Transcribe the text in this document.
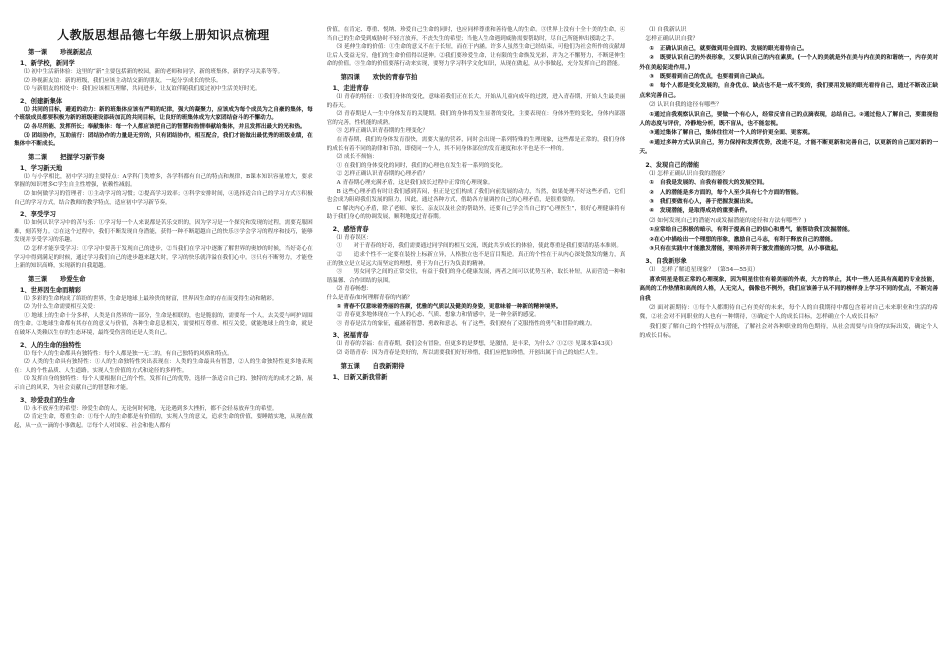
人教版思想品德七年级上册知识点梳理
第一课　　珍视新起点
1、新学校，新同学

⑴ 初中生活新体验：这里的“新”主要包括新的校园，新的老师和同学，新的班集体，新的学习关系等等。

⑵ 珍视新友谊：新的班级，我们应该主动结交新的朋友，一起分享成长的快乐。

⑶ 与新朋友的相处中：我们应该相互理解，共同进步，让友谊伴随我们度过初中生活美好时光。

2、创建新集体

⑴ 共同的目标，避逅的动力：新的班集体应该有严明的纪律，强大的凝聚力，应该成为每个成员为之自豪的集体，每个班级成员都要积极为新的班级建设添砖加瓦的共同目标，让良好的班集体成为大家团结奋斗的不懈动力。

⑵ 各尽所能、发挥所长；奉献集体：每一个人都应该把自己的智慧和热情奉献给集体，并且发挥出最大的光和热。

⑶ 团结协作，互助前行：团结协作的力量是无穷的，只有团结协作，相互配合，我们才能做出最优秀的班级业绩，在集体中不断成长。

第二课　　把握学习新节奏
1、学习新天地

⑴ 与小学相比，初中学习的主要特点：A学科门类增多，各学科都有自己的特点和规律，B课本知识容量增大，要求掌握的知识增多C学生自主性增强，依赖性减弱。

⑵ 如何做学习的管理者：①主动学习的习惯；②提高学习效率；③科学安排时间，④选择适合自己的学习方式⑤积极自己的学习方式，结合教师的教学特点，适应初中学习新节奏。

2、享受学习

⑴ 如何认识学习中的苦与乐：①学习每一个人来说都是苦乐交织的，因为学习是一个探究和发现的过程，需要克服困难，刻苦努力。②在这个过程中，我们不断发现自身潜能，获得一种不断超越自己的快乐③学会学习的程序和技巧，能够发现并享受学习的乐趣。

⑵ 怎样才能享受学习：①学习中要善于发现自己的进步，②当我们在学习中逐渐了解世界的奥妙的时候，当好奇心在学习中得到满足的时候，通过学习我们自己的进步越来越大时，学习的快乐就洋溢在我们心中。③只有不断努力，才能登上新的知识高峰，实现新的自我超越。

第三课　　珍爱生命
1、世界因生命而精彩

⑴ 多彩的生命构成了缤纷的世界，生命是地球上最珍贵的财富，世界因生命的存在而变得生动和精彩。

⑵ 为什么生命需要相互关爱：

① 地球上的生命十分多样，人类是自然界的一部分，生命是相联的，也是脆弱的，需要每一个人，去关爱与呵护周围的生命。②地球生命都有其存在的意义与价值，各种生命息息相关，需要相互尊重、相互关爱，就能地球上的生命，就是在破坏人类赖以生存的生态环境，最终受伤害的还是人类自己。

2、人的生命的独特性

⑴ 每个人的生命都具有独特性：每个人都是独一无二的，有自己独特的风格和特点。

⑵ 人类的生命具有独特性：①人的生命独特性突出表现在：人类的生命最具有智慧，②人的生命独特性更多地表现在：人的个性品质、人生道路。实现人生价值的方式和途径的多样性。

⑶ 发挥自身的独特性：每个人要根据自己的个性，发挥自己的优势，选择一条适合自己的、独特的光的成才之路，展示自己的风采，为社会贡献自己的智慧和才能。

3、珍爱我们的生命

⑴ 永不放弃生的希望：珍爱生命的人，无论何时何地，无论遇到多大挫折，都不会轻易放弃生的希望。

⑵ 肯定生命，尊重生命：①每个人的生命都是有价值的，实现人生的意义，追求生命的价值，要睡踏实地，从现在做起，从一点一滴的小事做起。②每个人对国家、社会和他人都有

价值，在肯定、尊重、悦纳、珍爱自己生命的同时，也应同样尊重和善待他人的生命。③世界上没有十全十美的生命，④当自己的生命受到威胁时不轻言放弃，不丧失生的希望；当他人生命遇到威胁需要帮助时，尽自己所能伸出援助之手。

⑶ 延伸生命的价值：①生命的意义不在于长短，而在于内涵。许多人虽然生命已经结束，可他们为社会所作的贡献却让后人受益无穷，他们的生命价值得以延伸。②我们要珍爱生命，让有限的生命焕发光彩，并为之不懈努力，不断延伸生命的价值。③生命的价值要落行动来实现，要努力学习科学文化知识，从现在做起，从小事做起，充分发挥自己的潜能。

第四课　　欢快的青春节拍
1、走进青春

⑴ 青春的特征：①我们身体的变化，意味着我们正在长大，开始从儿童向成年的过渡，进入青春期，开始人生最美丽的春天。

⑵ 青春期是人一生中身体发育的关键期。我们的身体将发生显著的变化，主要表现在：身体外型的变化，身体内部器官的完善，性机能的成熟。

③ 怎样正确认识青春期的生理变化？

在青春期，我们的身体发育很快，需要大量的营养，同时会出现一系列特殊的生理现象，这些都是正常的，我们身体的成长有着不同的韵律和节拍，即使同一个人，其不同身体部位的发育速度和水平也是不一样的。

⑵ 成长不烦恼：

① 在我们的身体变化的同时，我们的心理也在发生着一系列的变化。

② 怎样正确认识青春期的心理矛盾？

A 青春期心理充满矛盾，这是我们成长过程中正常的心理现象。

B 这些心理矛盾有时让我们感到苦闷，但正是它们构成了我们向前发展的动力，当然，如果处理不好这些矛盾，它们也会成为阻碍我们发展的阻力，因此，通过各种方式，借助各方量调控自己的心理矛盾，是很重要的。

C 解决内心矛盾，除了老师、家长、亲友以及社会的帮助外，还要自己学会当自己的“心理医生”，很好心理健康将有助于我们身心的协调发展，顺利地度过青春期。

2、感悟青春

⑴ 青春误区：

①　　对于青春的好奇，我们需要通过同学间的相互交流，既此共享成长的体验，使此尊重是我们要请的基本准则。

②　　追求个性不一定要在装扮上标新立异，人格独立也不是盲目叛逆。真正的个性在于从内心深处散发的魅力，真正的独立是立足远大而坚定的理想，勇于为自己行为负责的精神。

③　　男女同学之间的正常交往，有益于我们的身心健康发展，两者之间可以优势互补，取长补短，从而营造一种和谐温馨、合作团结的氛围。

⑵ 青春畅想：

什么是青春/如何理解青春的内涵？

① 青春不仅意味着秀丽的容颜，优雅的气质以及健美的身姿，更意味着一种新的精神境界。

② 青春更多地体现在一个人的心态、气质、想象力和情感中，是一种全新的感觉。

③ 青春是活力的象征，蕴涵着智慧、勇敢和意志，有了这些，我们便有了克服惰性的勇气和冒险的魄力。

3、祝福青春

⑴ 青春的幸福：在青春期，我们会有冒险，但更多的是梦想，是激情，是丰采，为什么？①②③ 见课本第43页）

⑵ 奇谐青春：因为青春是美好的，所以需要我们好好珍惜，我们应把加珍惜，开创出属于自己的灿烂人生。

第五课　　自我新期待
1、日新又新我常新

⑴ 自我新认识

　怎样正确认识自我？

①　正确认识自己，就要做到用全面的、发展的眼光看待自己。

②　既要认识自己的外表形象，又要认识自己的内在素质。(一个人的美就是外在美与内在美的和谐统一，内存美对外在美起促进作用。)

③　既要看到自己的优点，也要看到自己缺点。

④　每个人都是变化发展的，自身优点、缺点也不是一成不变的，我们要用发展的眼光看待自己，通过不断改正缺点来完善自己。

⑵ 认识自我的途径有哪些？

①通过自我观察认识自己，要做一个有心人，经常反省自己的点滴表现，总结自己。②通过他人了解自己，要重视他人的态度与评价，冷静地分析，既不盲从，也不能忽视。

③通过集体了解自己，集体往往对一个人的评价更全面、更客观。

④通过多种方式认识自己，努力保持和发挥优势，改进不足，才能不断更新和完善自己，以更新的自己面对新的一天。

2、发现自己的潜能

⑴ 怎样正确认识自我的潜能？

①　自我是发展的、自我有着很大的发展空间。

②　人的潜能是多方面的，每个人至少具有七个方面的智能。

③　我们要做有心人，善于把握发掘出来。

④　发现潜能，是取得成功的重要条件。

⑵ 如何发现自己的潜能?(或发掘潜能的途径和方法有哪些？)

①应常给自己积极的暗示，有利于提高自己的信心和勇气，能帮助我们发掘潜能。

②在心中描绘出一个理想的形象，激励自己斗志，有利于释放自己的潜能。

③只有在实践中才能激发潜能，要培养并利于激发潜能的习惯，从小事做起。

3、自我新形象

⑴　怎样了解追星现象？（第54—55页）

喜欢明星是很正常的心理现象，因为明星往往有着美丽的外表，大方的举止，其中一些人还具有高超的专业技能，高尚的工作热情和高尚的人格，人无完人，偶像也不例外，我们应该善于从不同的榜样身上学习不同的优点，不断完善自我

⑵ 面对新期待：①每个人都期待自己有美好的未来，每个人的自我期待中都包含着对自己未来职业和生活的希冀，②社会对不同职业的人也有一种期待，③确定个人的成长目标，怎样确立个人成长目标？

我们要了解自己的个性特点与潜能，了解社会对各种职业的角色期待，从社会需要与自身的实际出发，确定个人的成长目标。
